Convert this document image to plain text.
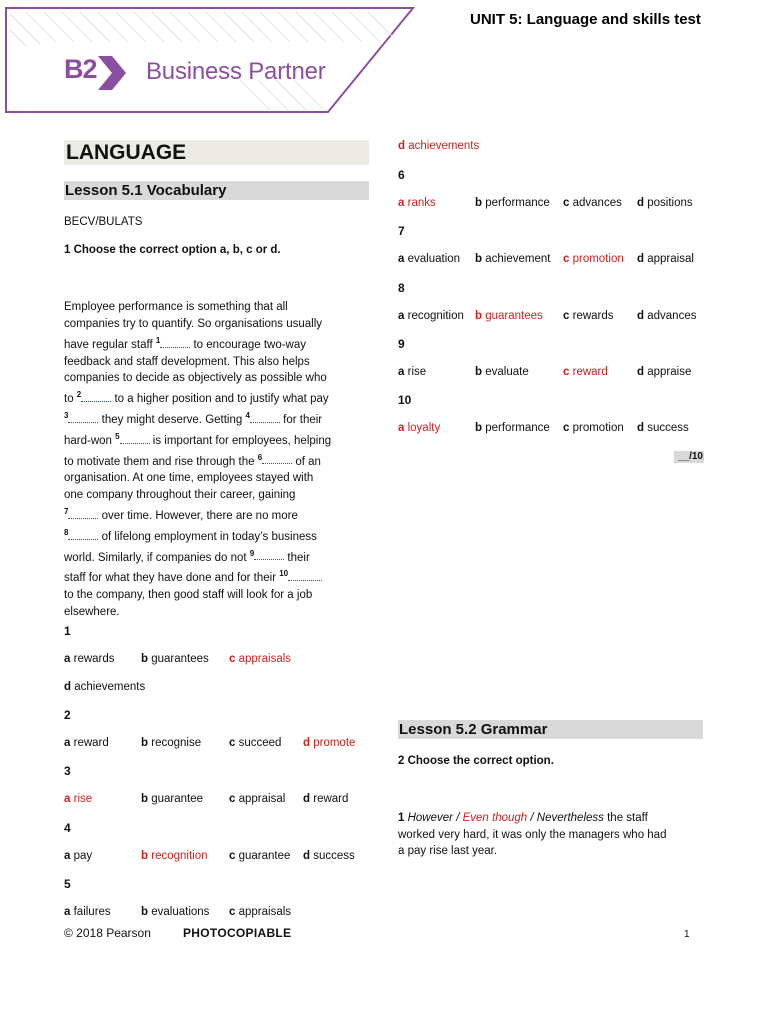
B2 Business Partner
UNIT 5: Language and skills test
LANGUAGE
Lesson 5.1 Vocabulary
BECV/BULATS
1 Choose the correct option a, b, c or d.

Employee performance is something that all

companies try to quantify. So organisations usually

have regular staff $^1$	to encourage two-way

feedback and staff development. This also helps

companies to decide as objectively as possible who

to $^2$	to a higher position and to justify what pay

$^3$	they might deserve. Getting $^4$	for their

hard-won $^5$	is important for employees, helping

to motivate them and rise through the $^6$	of an

organisation. At one time, employees stayed with

one company throughout their career, gaining

$^7$	over time. However, there are no more

$^8$	of lifelong employment in today’s business

world. Similarly, if companies do not $^9$	their

staff for what they have done and for their $^{10}$

to the company, then good staff will look for a job

elsewhere.

1
a rewards b guarantees c appraisals
d achievements
2
a reward	b recognise c succeed d promote
3
a rise	b guarantee c appraisal d reward
4
a pay	b recognition c guarantee d success
5
a failures	b evaluations c appraisals
d achievements
6
a ranks	b performance c advances d positions
7
a evaluation b achievement c promotion d appraisal
8
a recognition b guarantees c rewards d advances
9
a rise	b evaluate	c reward	d appraise
10
a loyalty	b performance c promotion d success
__/10
Lesson 5.2 Grammar
2 Choose the correct option.
1 However / Even though / Nevertheless the staff
worked very hard, it was only the managers who had
a pay rise last year.
© 2018 Pearson	PHOTOCOPIABLE	1
